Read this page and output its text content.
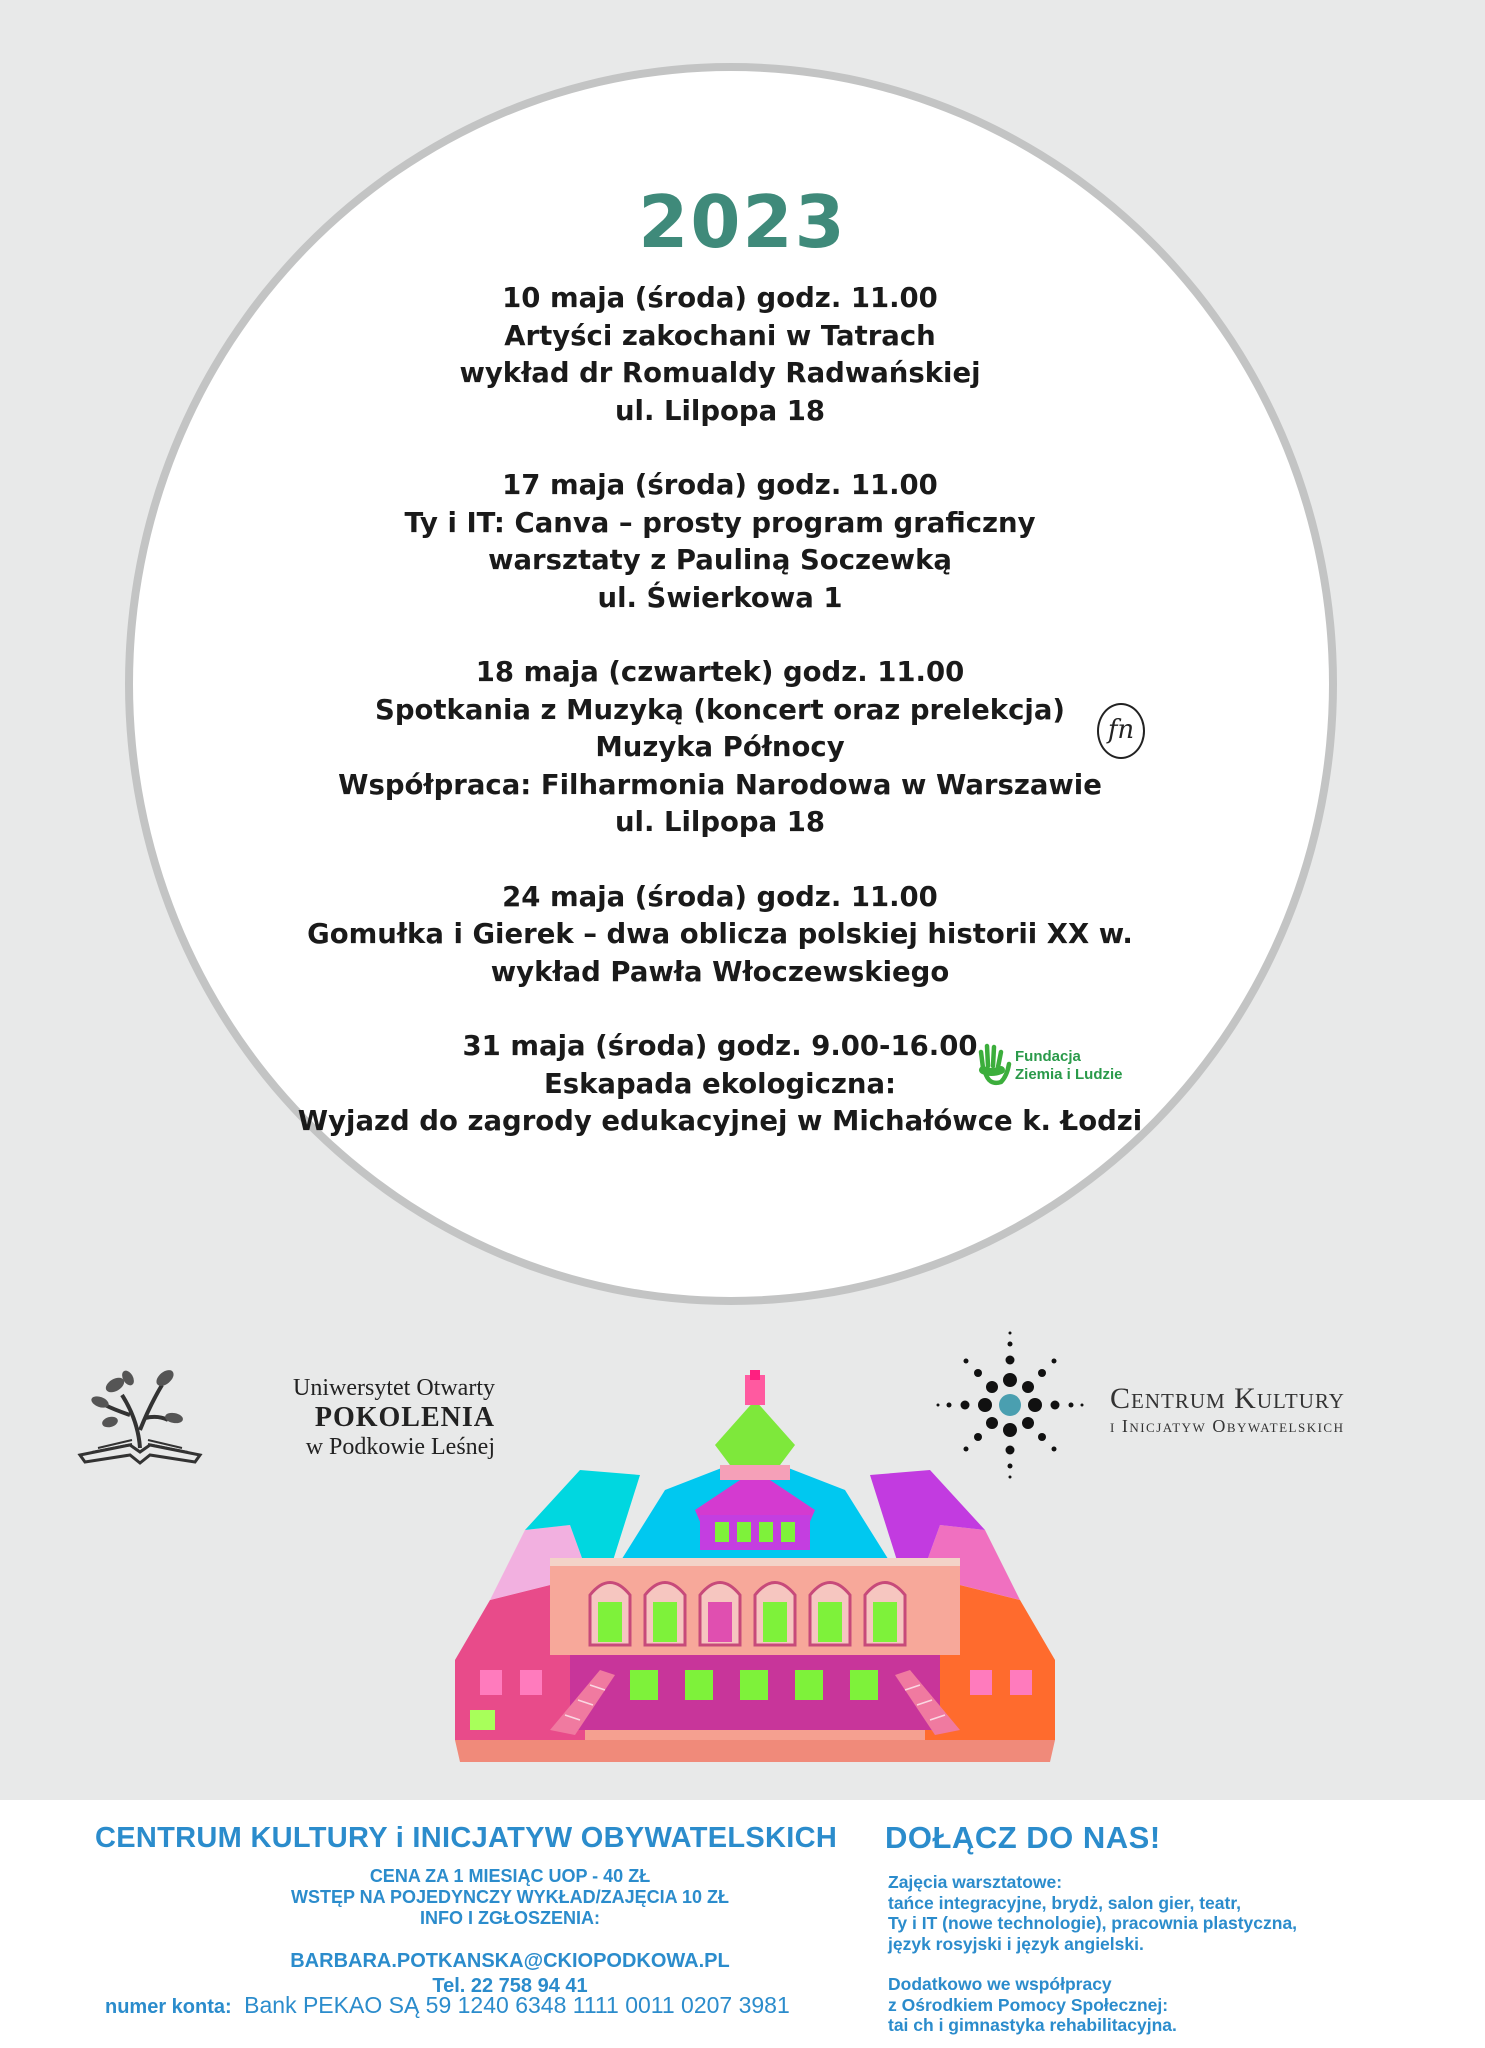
2023
10 maja (środa) godz. 11.00
Artyści zakochani w Tatrach
wykład dr Romualdy Radwańskiej
ul. Lilpopa 18
17 maja (środa) godz. 11.00
Ty i IT: Canva – prosty program graficzny
warsztaty z Pauliną Soczewką
ul. Świerkowa 1
18 maja (czwartek) godz. 11.00
Spotkania z Muzyką (koncert oraz prelekcja)
Muzyka Północy
Współpraca: Filharmonia Narodowa w Warszawie
ul. Lilpopa 18
24 maja (środa) godz. 11.00
Gomułka i Gierek – dwa oblicza polskiej historii XX w.
wykład Pawła Włoczewskiego
31 maja (środa) godz. 9.00-16.00
Eskapada ekologiczna:
Wyjazd do zagrody edukacyjnej w Michałówce k. Łodzi
fn
Fundacja
Ziemia i Ludzie
Uniwersytet Otwarty
POKOLENIA
w Podkowie Leśnej
Centrum Kultury
i Inicjatyw Obywatelskich
CENTRUM KULTURY i INICJATYW OBYWATELSKICH DOŁĄCZ DO NAS!
CENA ZA 1 MIESIĄC UOP - 40 ZŁ
WSTĘP NA POJEDYNCZY WYKŁAD/ZAJĘCIA 10 ZŁ
INFO I ZGŁOSZENIA:
BARBARA.POTKANSKA@CKIOPODKOWA.PL
Tel. 22 758 94 41
numer konta: Bank PEKAO SĄ 59 1240 6348 1111 0011 0207 3981
Zajęcia warsztatowe:
tańce integracyjne, brydż, salon gier, teatr,
Ty i IT (nowe technologie), pracownia plastyczna,
język rosyjski i język angielski.
Dodatkowo we współpracy
z Ośrodkiem Pomocy Społecznej:
tai ch i gimnastyka rehabilitacyjna.
